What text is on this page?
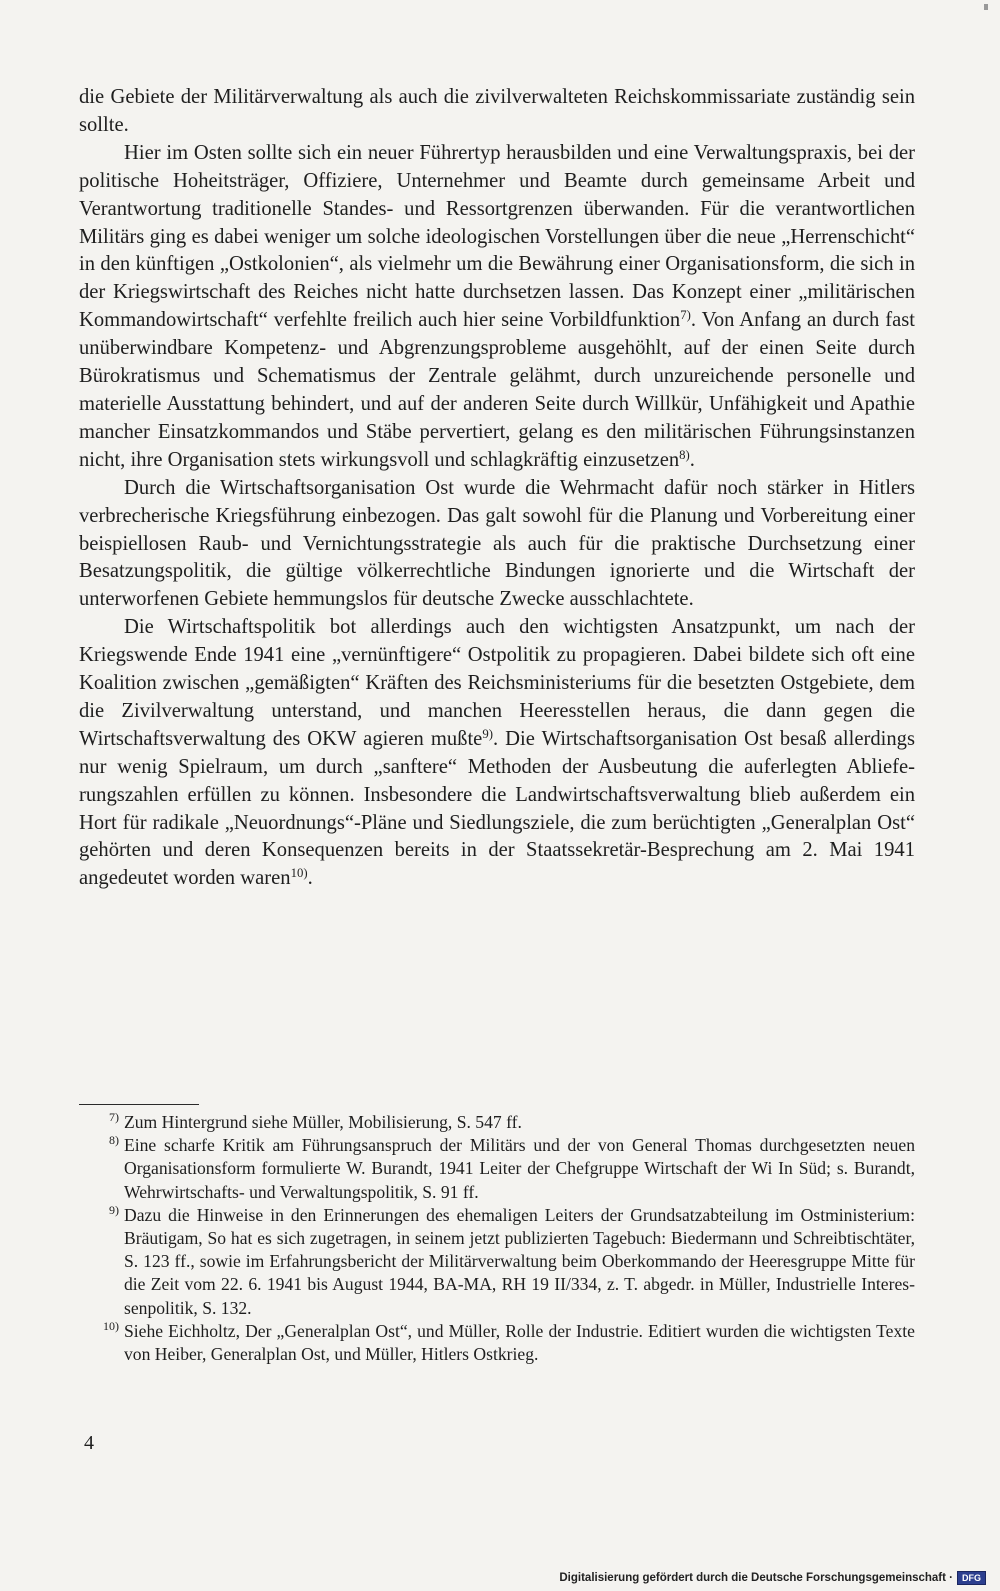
die Gebiete der Militärverwaltung als auch die zivilverwalteten Reichskommissariate zuständig sein sollte.

Hier im Osten sollte sich ein neuer Führertyp herausbilden und eine Verwaltungspraxis, bei der politische Hoheitsträger, Offiziere, Unternehmer und Beamte durch gemeinsame Arbeit und Verantwortung traditionelle Standes- und Ressortgrenzen überwanden. Für die verantwortlichen Militärs ging es dabei weniger um solche ideologischen Vorstellungen über die neue „Herrenschicht“ in den künftigen „Ostkolonien“, als vielmehr um die Bewährung einer Organisationsform, die sich in der Kriegswirtschaft des Reiches nicht hatte durchsetzen lassen. Das Konzept einer „militärischen Kommandowirtschaft“ verfehlte freilich auch hier seine Vorbildfunktion$^{7)}$. Von Anfang an durch fast unüberwindbare Kompetenz- und Abgrenzungsprobleme ausgehöhlt, auf der einen Seite durch Bürokratismus und Schematismus der Zentrale gelähmt, durch unzureichende personelle und materielle Ausstattung behindert, und auf der anderen Seite durch Willkür, Unfähigkeit und Apathie mancher Einsatzkommandos und Stäbe pervertiert, gelang es den militärischen Führungsinstanzen nicht, ihre Organisation stets wirkungsvoll und schlagkräftig einzusetzen$^{8)}$.

Durch die Wirtschaftsorganisation Ost wurde die Wehrmacht dafür noch stärker in Hitlers verbrecherische Kriegsführung einbezogen. Das galt sowohl für die Planung und Vorbereitung einer beispiellosen Raub- und Vernichtungsstrategie als auch für die praktische Durchsetzung einer Besatzungspolitik, die gültige völkerrechtliche Bindungen ignorierte und die Wirtschaft der unterworfenen Gebiete hemmungslos für deutsche Zwecke ausschlachtete.

Die Wirtschaftspolitik bot allerdings auch den wichtigsten Ansatzpunkt, um nach der Kriegswende Ende 1941 eine „vernünftigere“ Ostpolitik zu propagieren. Dabei bildete sich oft eine Koalition zwischen „gemäßigten“ Kräften des Reichsministeriums für die besetzten Ostgebiete, dem die Zivilverwaltung unterstand, und manchen Heeresstellen heraus, die dann gegen die Wirtschaftsverwaltung des OKW agieren mußte$^{9)}$. Die Wirtschaftsorganisation Ost besaß allerdings nur wenig Spielraum, um durch „sanftere“ Methoden der Ausbeutung die auferlegten Ablieferungszahlen erfüllen zu können. Insbesondere die Landwirtschaftsverwaltung blieb außerdem ein Hort für radikale „Neuordnungs“-Pläne und Siedlungsziele, die zum berüchtigten „Generalplan Ost“ gehörten und deren Konsequenzen bereits in der Staatssekretär-Besprechung am 2. Mai 1941 angedeutet worden waren$^{10)}$.

7) Zum Hintergrund siehe Müller, Mobilisierung, S. 547 ff.
8) Eine scharfe Kritik am Führungsanspruch der Militärs und der von General Thomas durchgesetzten neuen Organisationsform formulierte W. Burandt, 1941 Leiter der Chefgruppe Wirtschaft der Wi In Süd; s. Burandt, Wehrwirtschafts- und Verwaltungspolitik, S. 91 ff.
9) Dazu die Hinweise in den Erinnerungen des ehemaligen Leiters der Grundsatzabteilung im Ostministerium: Bräutigam, So hat es sich zugetragen, in seinem jetzt publizierten Tagebuch: Biedermann und Schreibtischtäter, S. 123 ff., sowie im Erfahrungsbericht der Militärverwaltung beim Oberkommando der Heeresgruppe Mitte für die Zeit vom 22. 6. 1941 bis August 1944, BA-MA, RH 19 II/334, z. T. abgedr. in Müller, Industrielle Interessenpolitik, S. 132.
10) Siehe Eichholtz, Der „Generalplan Ost“, und Müller, Rolle der Industrie. Editiert wurden die wichtigsten Texte von Heiber, Generalplan Ost, und Müller, Hitlers Ostkrieg.
4
Digitalisierung gefördert durch die Deutsche Forschungsgemeinschaft ·	DFG
